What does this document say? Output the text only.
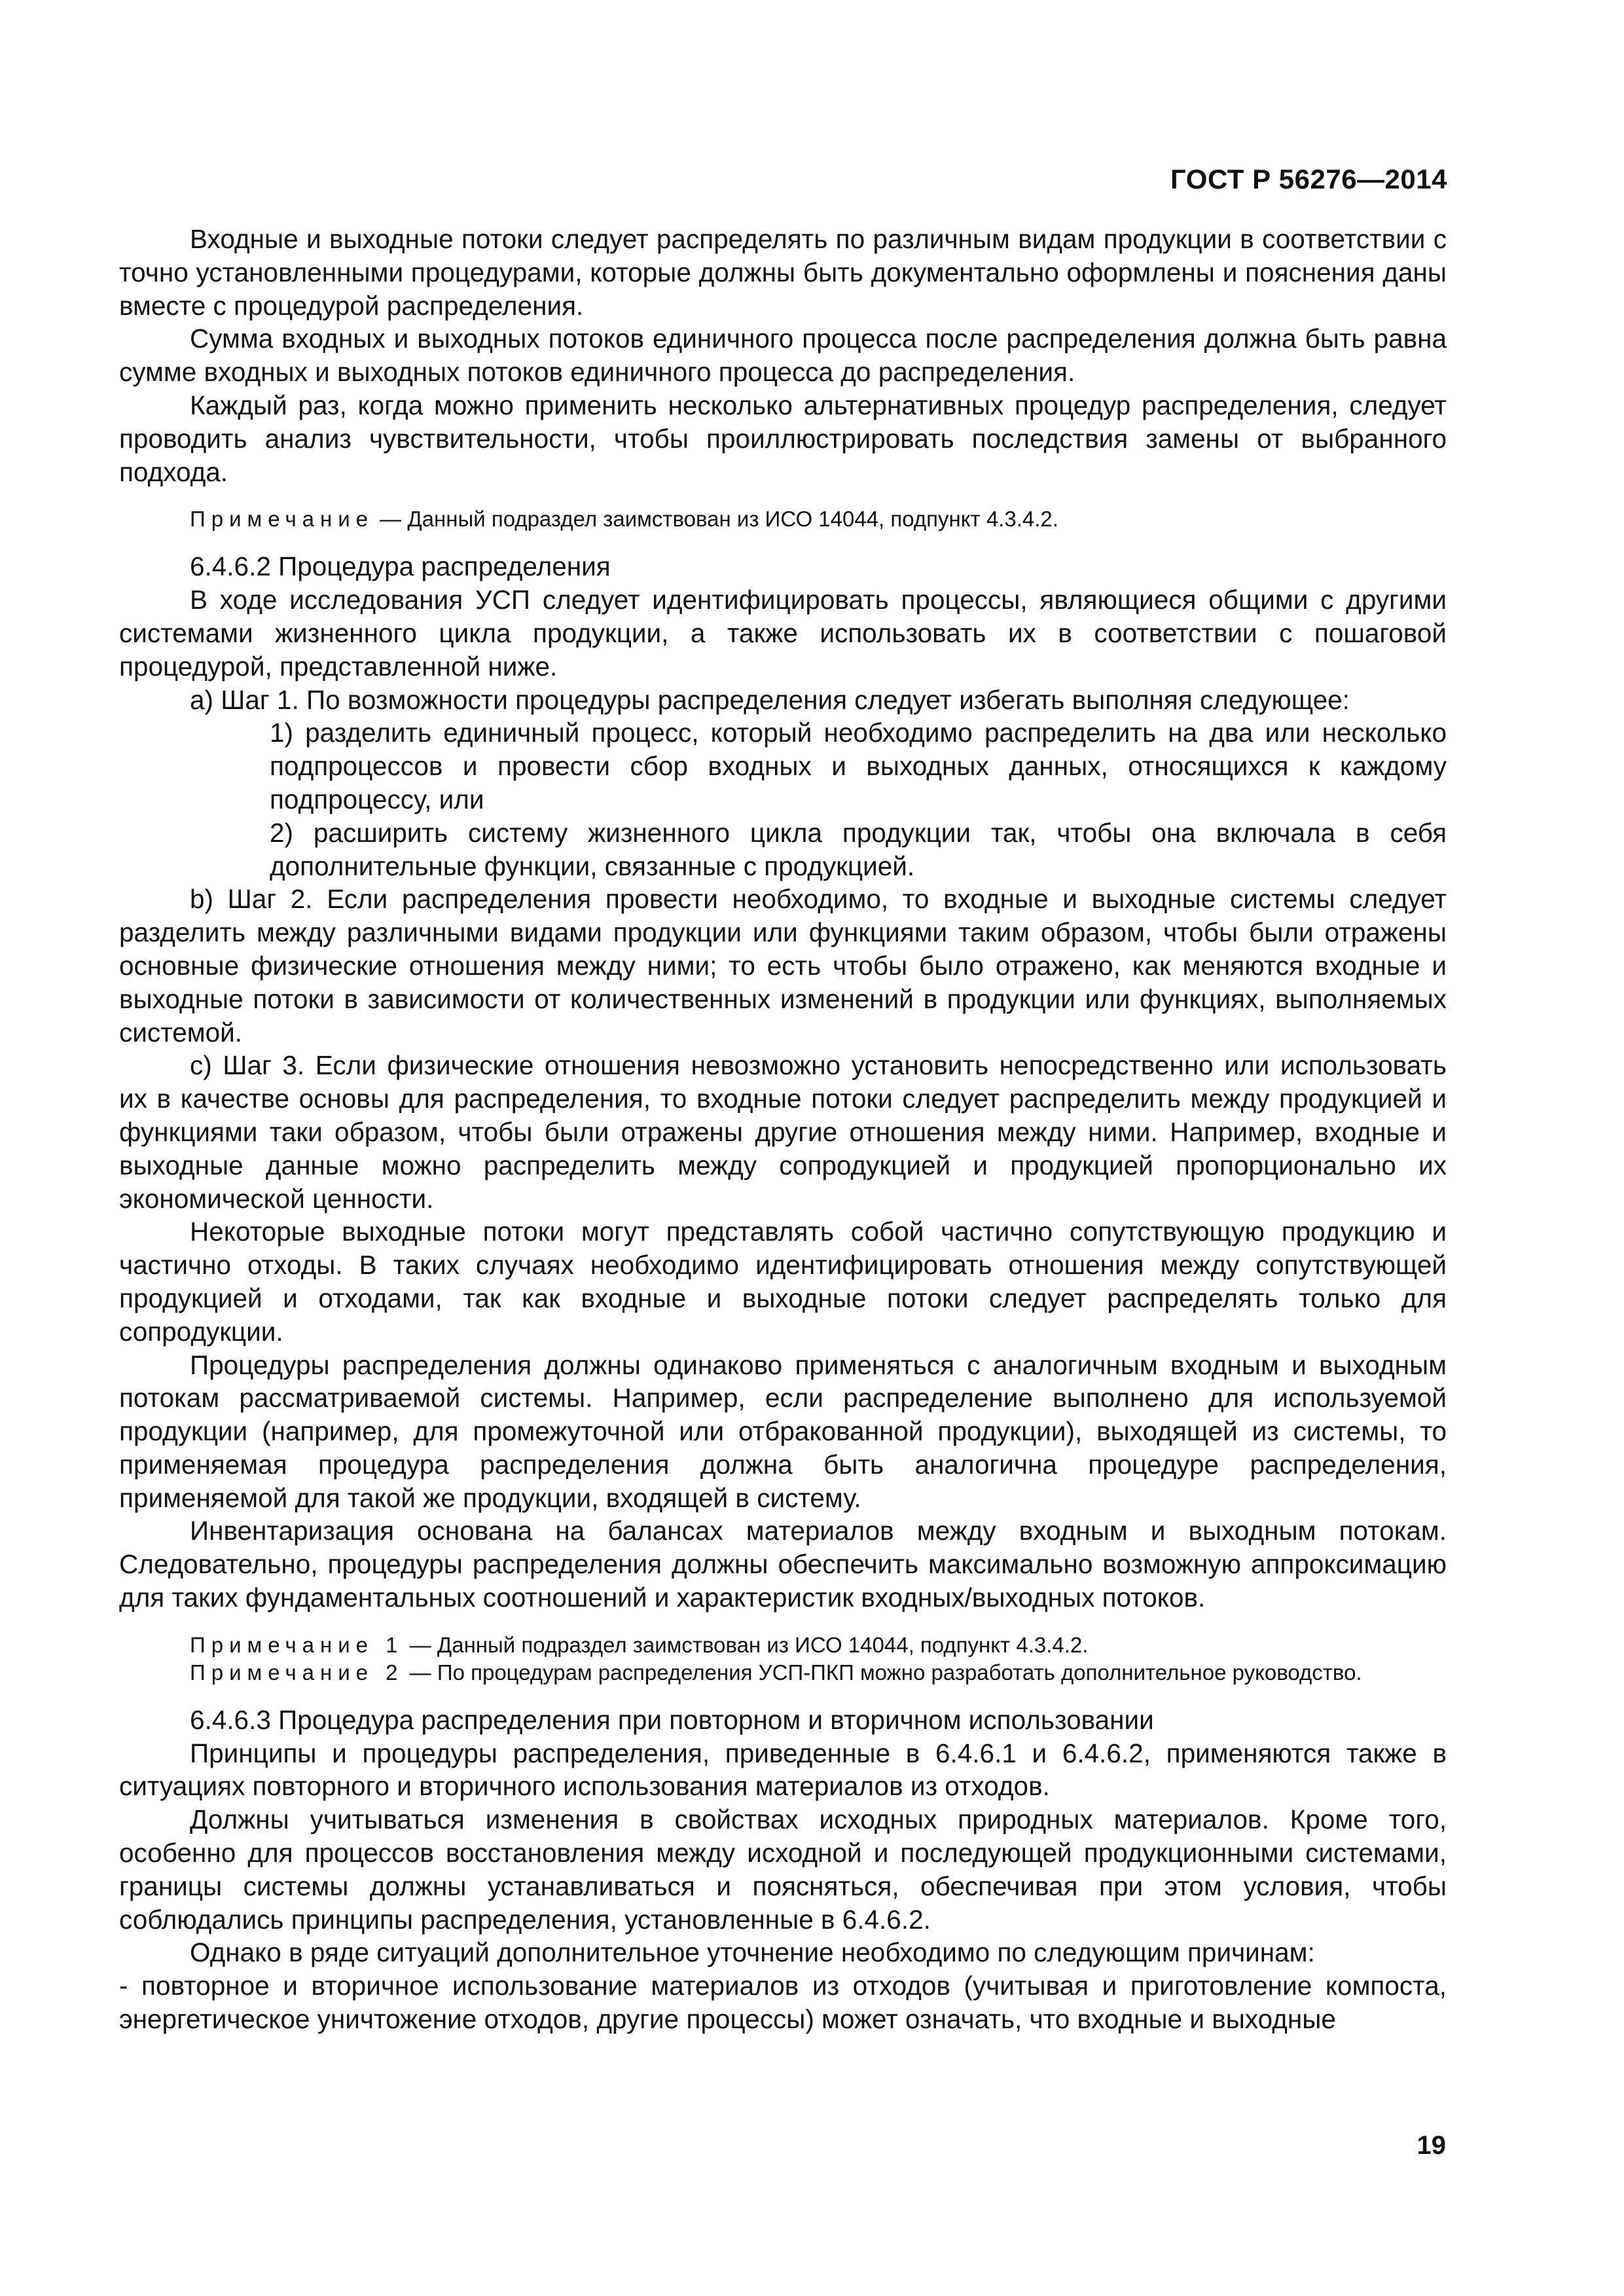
ГОСТ Р 56276—2014

Входные и выходные потоки следует распределять по различным видам продукции в соответствии с точно установленными процедурами, которые должны быть документально оформлены и пояснения даны вместе с процедурой распределения.

Сумма входных и выходных потоков единичного процесса после распределения должна быть равна сумме входных и выходных потоков единичного процесса до распределения.

Каждый раз, когда можно применить несколько альтернативных процедур распределения, следует проводить анализ чувствительности, чтобы проиллюстрировать последствия замены от выбранного подхода.

Примечание — Данный подраздел заимствован из ИСО 14044, подпункт 4.3.4.2.

6.4.6.2 Процедура распределения

В ходе исследования УСП следует идентифицировать процессы, являющиеся общими с другими системами жизненного цикла продукции, а также использовать их в соответствии с пошаговой процедурой, представленной ниже.

а) Шаг 1. По возможности процедуры распределения следует избегать выполняя следующее:

1) разделить единичный процесс, который необходимо распределить на два или несколько подпроцессов и провести сбор входных и выходных данных, относящихся к каждому подпроцессу, или

2) расширить систему жизненного цикла продукции так, чтобы она включала в себя дополнительные функции, связанные с продукцией.

b) Шаг 2. Если распределения провести необходимо, то входные и выходные системы следует разделить между различными видами продукции или функциями таким образом, чтобы были отражены основные физические отношения между ними; то есть чтобы было отражено, как меняются входные и выходные потоки в зависимости от количественных изменений в продукции или функциях, выполняемых системой.

с) Шаг 3. Если физические отношения невозможно установить непосредственно или использовать их в качестве основы для распределения, то входные потоки следует распределить между продукцией и функциями таки образом, чтобы были отражены другие отношения между ними. Например, входные и выходные данные можно распределить между сопродукцией и продукцией пропорционально их экономической ценности.

Некоторые выходные потоки могут представлять собой частично сопутствующую продукцию и частично отходы. В таких случаях необходимо идентифицировать отношения между сопутствующей продукцией и отходами, так как входные и выходные потоки следует распределять только для сопродукции.

Процедуры распределения должны одинаково применяться с аналогичным входным и выходным потокам рассматриваемой системы. Например, если распределение выполнено для используемой продукции (например, для промежуточной или отбракованной продукции), выходящей из системы, то применяемая процедура распределения должна быть аналогична процедуре распределения, применяемой для такой же продукции, входящей в систему.

Инвентаризация основана на балансах материалов между входным и выходным потокам. Следовательно, процедуры распределения должны обеспечить максимально возможную аппроксимацию для таких фундаментальных соотношений и характеристик входных/выходных потоков.

Примечание 1 — Данный подраздел заимствован из ИСО 14044, подпункт 4.3.4.2.

Примечание 2 — По процедурам распределения УСП-ПКП можно разработать дополнительное руководство.

6.4.6.3 Процедура распределения при повторном и вторичном использовании

Принципы и процедуры распределения, приведенные в 6.4.6.1 и 6.4.6.2, применяются также в ситуациях повторного и вторичного использования материалов из отходов.

Должны учитываться изменения в свойствах исходных природных материалов. Кроме того, особенно для процессов восстановления между исходной и последующей продукционными системами, границы системы должны устанавливаться и поясняться, обеспечивая при этом условия, чтобы соблюдались принципы распределения, установленные в 6.4.6.2.

Однако в ряде ситуаций дополнительное уточнение необходимо по следующим причинам:

- повторное и вторичное использование материалов из отходов (учитывая и приготовление компоста, энергетическое уничтожение отходов, другие процессы) может означать, что входные и выходные

19
